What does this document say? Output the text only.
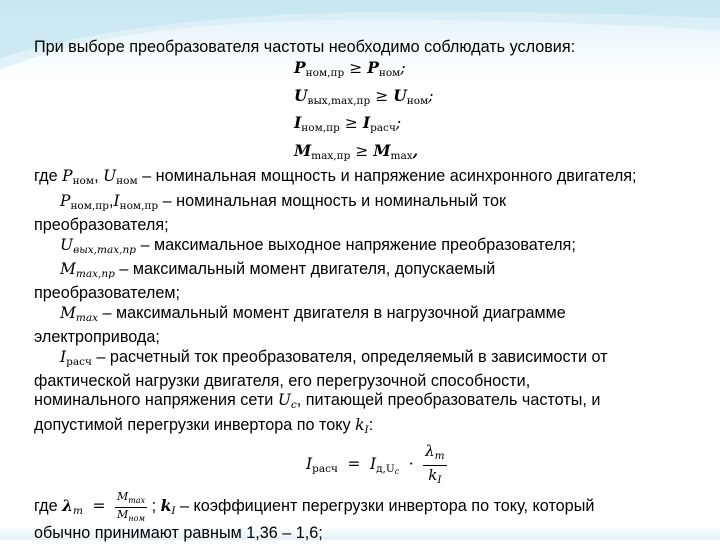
При выборе преобразователя частоты необходимо соблюдать условия:
$P_{ном,пр} \ge P_{ном}$;
$U_{вых,max,пр} \ge U_{ном}$;
$I_{ном,пр} \ge I_{расч}$;
$M_{max,пр} \ge M_{max}$,
где $P_{ном}$, $U_{ном}$ – номинальная мощность и напряжение асинхронного двигателя;
$P_{ном,пр},I_{ном,пр}$ – номинальная мощность и номинальный ток
преобразователя;
Uвых,max,пр – максимальное выходное напряжение преобразователя;
Mmax,пр – максимальный момент двигателя, допускаемый
преобразователем;
Mmax – максимальный момент двигателя в нагрузочной диаграмме
электропривода;
$I_{расч}$ – расчетный ток преобразователя, определяемый в зависимости от
фактической нагрузки двигателя, его перегрузочной способности,
номинального напряжения сети Uc, питающей преобразователь частоты, и
допустимой перегрузки инвертора по току kI:
$I_{расч} = I_{д,Uc} \cdot \frac{\lambda_m}{k_I}$
где $\lambda m = \frac{M_{max}}{M_{ном}}$ ; kI – коэффициент перегрузки инвертора по току, который
обычно принимают равным 1,36 – 1,6;
